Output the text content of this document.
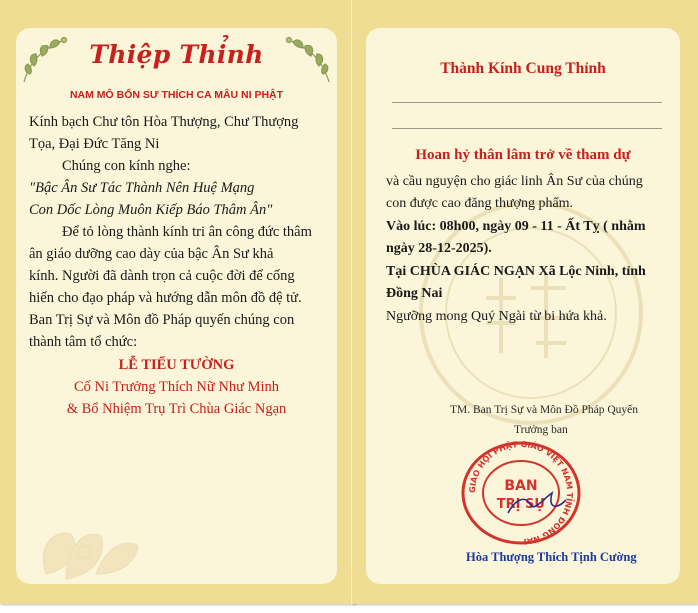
Thiệp Thỉnh
NAM MÔ BỔN SƯ THÍCH CA MÂU NI PHẬT
Kính bạch Chư tôn Hòa Thượng, Chư Thượng
Tọa, Đại Đức Tăng Ni
Chúng con kính nghe:
"Bậc Ân Sư Tác Thành Nên Huệ Mạng
Con Dốc Lòng Muôn Kiếp Báo Thâm Ân"
Để tỏ lòng thành kính tri ân công đức thâm
ân giáo dưỡng cao dày của bậc Ân Sư khả
kính. Người đã dành trọn cả cuộc đời để cống
hiến cho đạo pháp và hướng dẫn môn đồ đệ tử.
Ban Trị Sự và Môn đồ Pháp quyến chúng con
thành tâm tổ chức:
LỄ TIỂU TƯỜNG
Cố Ni Trưởng Thích Nữ Như Minh
& Bổ Nhiệm Trụ Trì Chùa Giác Ngạn
Thành Kính Cung Thỉnh
Hoan hỷ thân lâm trở về tham dự
và cầu nguyện cho giác linh Ân Sư của chúng
con được cao đăng thượng phẩm.
Vào lúc: 08h00, ngày 09 - 11 - Ất Tỵ ( nhằm
ngày 28-12-2025).
Tại CHÙA GIÁC NGẠN Xã Lộc Ninh, tỉnh
Đồng Nai
Ngưỡng mong Quý Ngài từ bi hứa khả.
TM. Ban Trị Sự và Môn Đồ Pháp Quyến
Trưởng ban
GIÁO HỘI PHẬT GIÁO VIỆT NAM TỈNH ĐỒNG NAI
BAN
TRỊ SỰ
Hòa Thượng Thích Tịnh Cường
